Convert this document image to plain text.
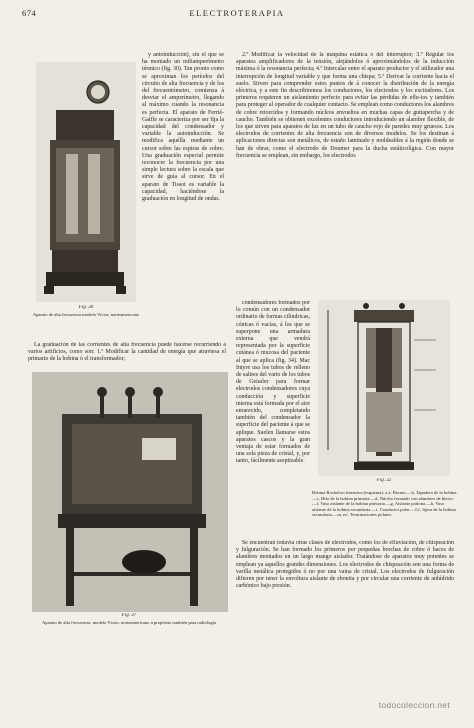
674	ELECTROTERAPIA
Fig. 30
Aparato de alta frecuencia modelo Victor, norteamericano

y antoinducción), sin el que se ha montado un miliamperómetro térmico (fig. 30). Tan pronto como se aproximan los períodos del circuito de alta frecuencia y de los del frecuentómetro, comienza á desviar el amperímetro, llegando al máximo cuando la resonancia es perfecta. El aparato de Ferrié-Gaiffe se caracteriza por ser fija la capacidad del condensador y variable la autoinducción. Se modifica aquélla mediante un cursor sobre las espiras de cobre. Una graduación especial permite reconocer la frecuencia por una simple lectura sobre la escala que sirve de guía al cursor. En el aparato de Tissot es variable la capacidad, haciéndose la graduación en longitud de ondas.

La graduación de las corrientes de alta frecuencia puede hacerse recurriendo á varios artificios, como son: 1.º Modificar la cantidad de energía que atraviesa el primario de la bobina ó el transformador;

Fig. 3?
Aparato de alta frecuencia, modelo Victor, norteamericano á propósito también para radiología

2.º Modificar la velocidad de la máquina estática ó del interruptor; 3.º Regular los aparatos amplificadores de la tensión, alejándolos ó aproximándolos de la inducción máxima ó la resonancia perfecta; 4.º Intercalar entre el aparato productor y el utilizador una interrupción de longitud variable y que forma una chispa; 5.º Derivar la corriente hacia el suelo. Sirven para comprender estos puntos de á conocer la distribución de la energía eléctrica, y a este fin describiremos los conductores, los electrodos y los excitadores. Los primeros requieren un aislamiento perfecto para evitar las pérdidas de eflu-ios y también para proteger al operador de cualquier contacto. Se emplean como conductores los alambres de cobre retorcidos y formando núcleos envueltos en muchas capas de guttapercha y de caucho. También se obtienen excelentes conductores introduciendo un alambre flexible, de los que sirven para aparatos de luz en un tubo de caucho rojo de paredes muy gruesos. Los electrodos de corrientes de alta frecuencia son de diversos modelos. Se los destinan á aplicaciones directas son metálicos, de estaño laminado y moldeables á la región donde se han de obrar, como el electrodo de Doumer para la ducha estáticolígica. Con mayor frecuencia se emplean, sin embargo, los electrodos

condensadores formados por lo común con un condensador ordinario de formas cilíndricas, cónicas ó vacías, á los que se superpone una armadura externa que vendrá representada por la superficie cutánea ó mucosa del paciente al que se aplica (fig. 34). Mac Intyre usa los tubos de relleno de salires del vario de los tubos de Geissler para formar electrodos condensadores cuya conducción y superficie interna está formada por el aire enrarecido, completando también del condensador la superficie del paciente á que se aplique. Suelen llamarse estos aparatos cascos y la gran ventaja de estar formados de una sola pieza de cristal, y, por tanto, fácilmente aseptizable.

Fig. 32
Bobina Rochefort intensiva (esquema): a a, Bornes.—b, Tapadera de la bobina.—c, Hilo de la bobina primaria.—d, Núcleo formado con alambres de hierro.—f, Vaso aislante de la bobina primaria.—g, Aislante parlona.—h, Vaso aislante de la bobina secundaria.—i, Conductor polar.—Li', Spira de la bobina secundaria.—m, m', Terminaciones polares

Se encuentran todavía otras clases de electrodos, como los de efluviación, de chispeación y fulguración. Se han formado los primeros por pequeñas brochas de cobre ó haces de alambres montados en un largo mango aislador. Tratándose de aparatos muy potentes se emplean ya aquellos grandes dimensiones. Los electrodos de chispeación son una forma de varilla metálica protegidos ó no por una vaina de cristal. Los electrodos de fulguración difieren por tener la envoltura aislante de ebonita y por circular una corriente de anhídrido carbónico bajo presión.

todocoleccion.net
